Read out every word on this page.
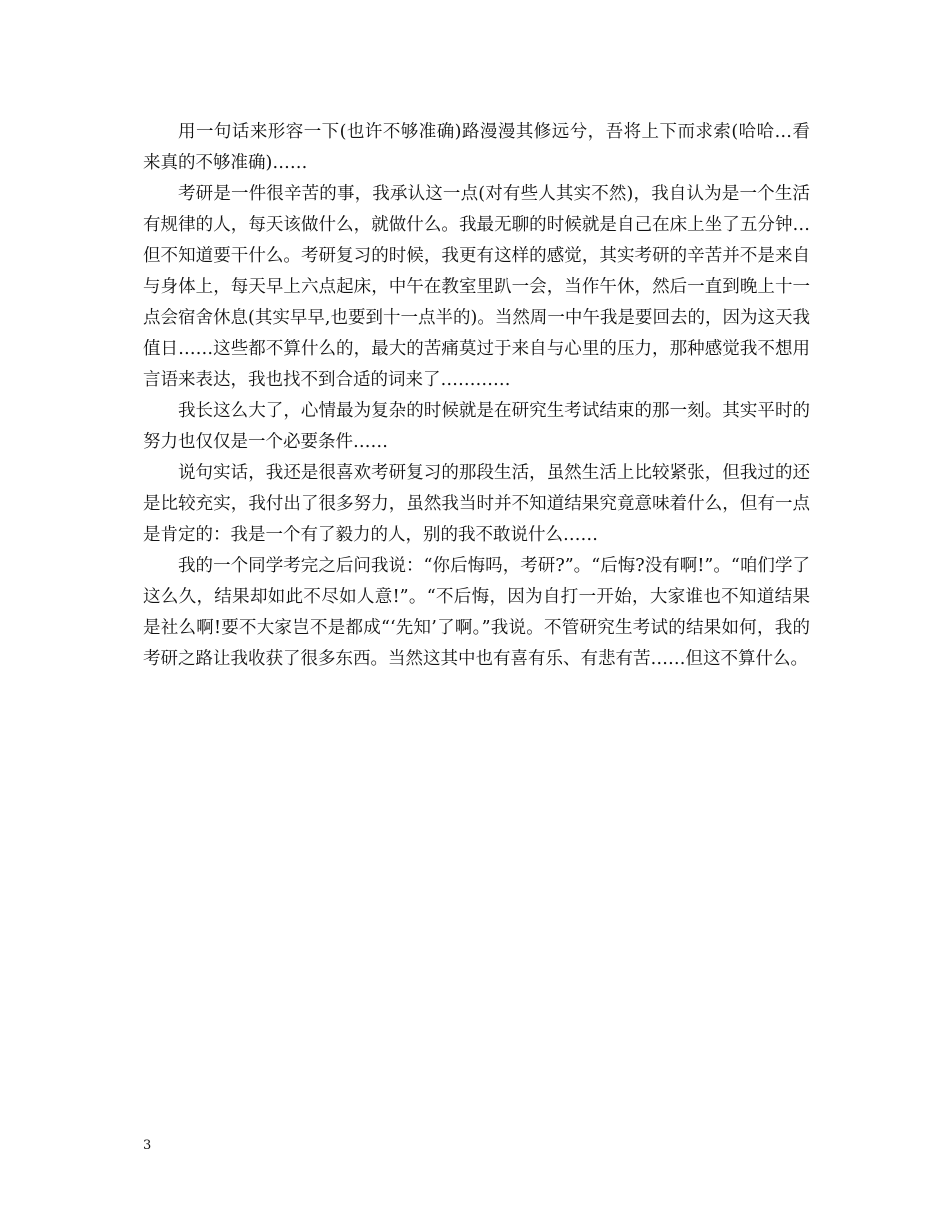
用一句话来形容一下(也许不够准确)路漫漫其修远兮，吾将上下而求索(哈哈…看来真的不够准确)……

考研是一件很辛苦的事，我承认这一点(对有些人其实不然)，我自认为是一个生活有规律的人，每天该做什么，就做什么。我最无聊的时候就是自己在床上坐了五分钟…但不知道要干什么。考研复习的时候，我更有这样的感觉，其实考研的辛苦并不是来自与身体上，每天早上六点起床，中午在教室里趴一会，当作午休，然后一直到晚上十一点会宿舍休息(其实早早,也要到十一点半的)。当然周一中午我是要回去的，因为这天我值日……这些都不算什么的，最大的苦痛莫过于来自与心里的压力，那种感觉我不想用言语来表达，我也找不到合适的词来了…………

我长这么大了，心情最为复杂的时候就是在研究生考试结束的那一刻。其实平时的努力也仅仅是一个必要条件……

说句实话，我还是很喜欢考研复习的那段生活，虽然生活上比较紧张，但我过的还是比较充实，我付出了很多努力，虽然我当时并不知道结果究竟意味着什么，但有一点是肯定的：我是一个有了毅力的人，别的我不敢说什么……

我的一个同学考完之后问我说：“你后悔吗，考研?”。“后悔?没有啊!”。“咱们学了这么久，结果却如此不尽如人意!”。“不后悔，因为自打一开始，大家谁也不知道结果是社么啊!要不大家岂不是都成“‘先知’了啊。”我说。不管研究生考试的结果如何，我的考研之路让我收获了很多东西。当然这其中也有喜有乐、有悲有苦……但这不算什么。

3
